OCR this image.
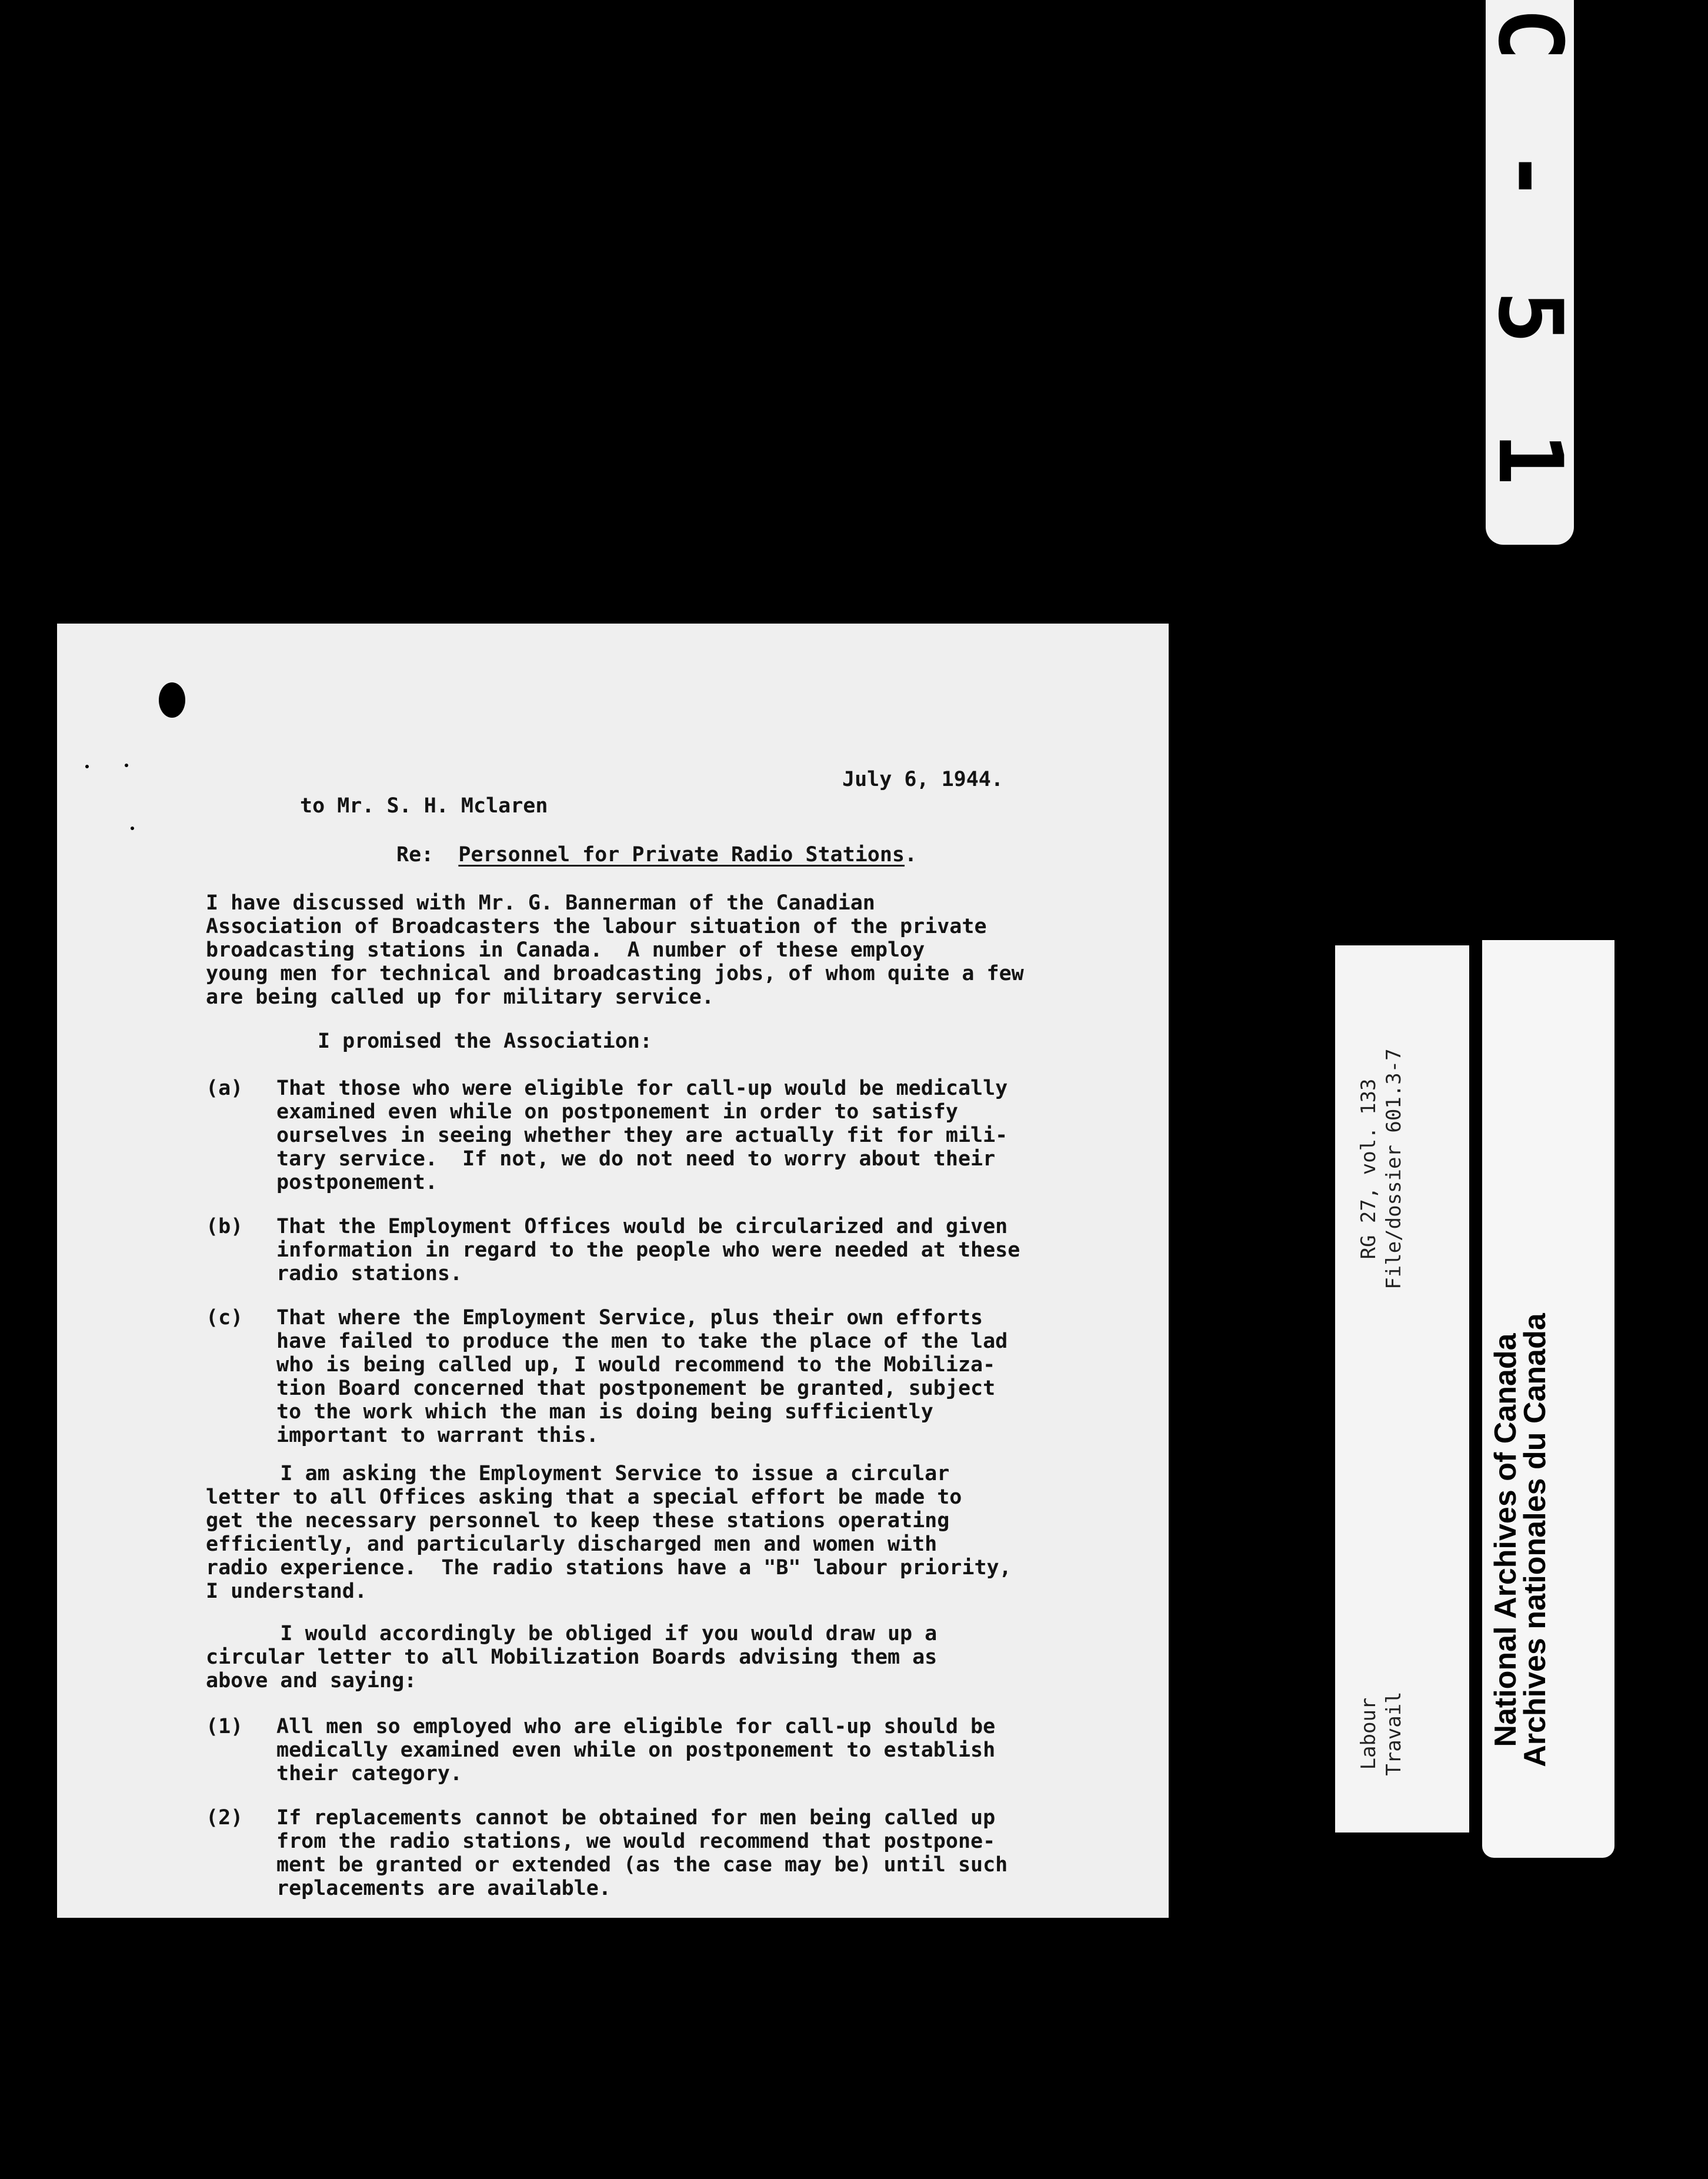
C - 5 1 9 2 9
RG 27, vol. 133 File/dossier 601.3-7
Labour Travail	National Archives of Canada
Archives nationales du Canada
July 6, 1944.
to Mr. S. H. Mclaren
Re: Personnel for Private Radio Stations.
I have discussed with Mr. G. Bannerman of the Canadian
Association of Broadcasters the labour situation of the private
broadcasting stations in Canada.  A number of these employ
young men for technical and broadcasting jobs, of whom quite a few
are being called up for military service.
I promised the Association:
(a) That those who were eligible for call-up would be medically
examined even while on postponement in order to satisfy
ourselves in seeing whether they are actually fit for mili-
tary service.  If not, we do not need to worry about their
postponement.
(b) That the Employment Offices would be circularized and given
information in regard to the people who were needed at these
radio stations.
(c) That where the Employment Service, plus their own efforts
have failed to produce the men to take the place of the lad
who is being called up, I would recommend to the Mobiliza-
tion Board concerned that postponement be granted, subject
to the work which the man is doing being sufficiently
important to warrant this.
I am asking the Employment Service to issue a circular
letter to all Offices asking that a special effort be made to
get the necessary personnel to keep these stations operating
efficiently, and particularly discharged men and women with
radio experience.  The radio stations have a "B" labour priority,
I understand.
I would accordingly be obliged if you would draw up a
circular letter to all Mobilization Boards advising them as
above and saying:
(1) All men so employed who are eligible for call-up should be
medically examined even while on postponement to establish
their category.
(2) If replacements cannot be obtained for men being called up
from the radio stations, we would recommend that postpone-
ment be granted or extended (as the case may be) until such
replacements are available.
